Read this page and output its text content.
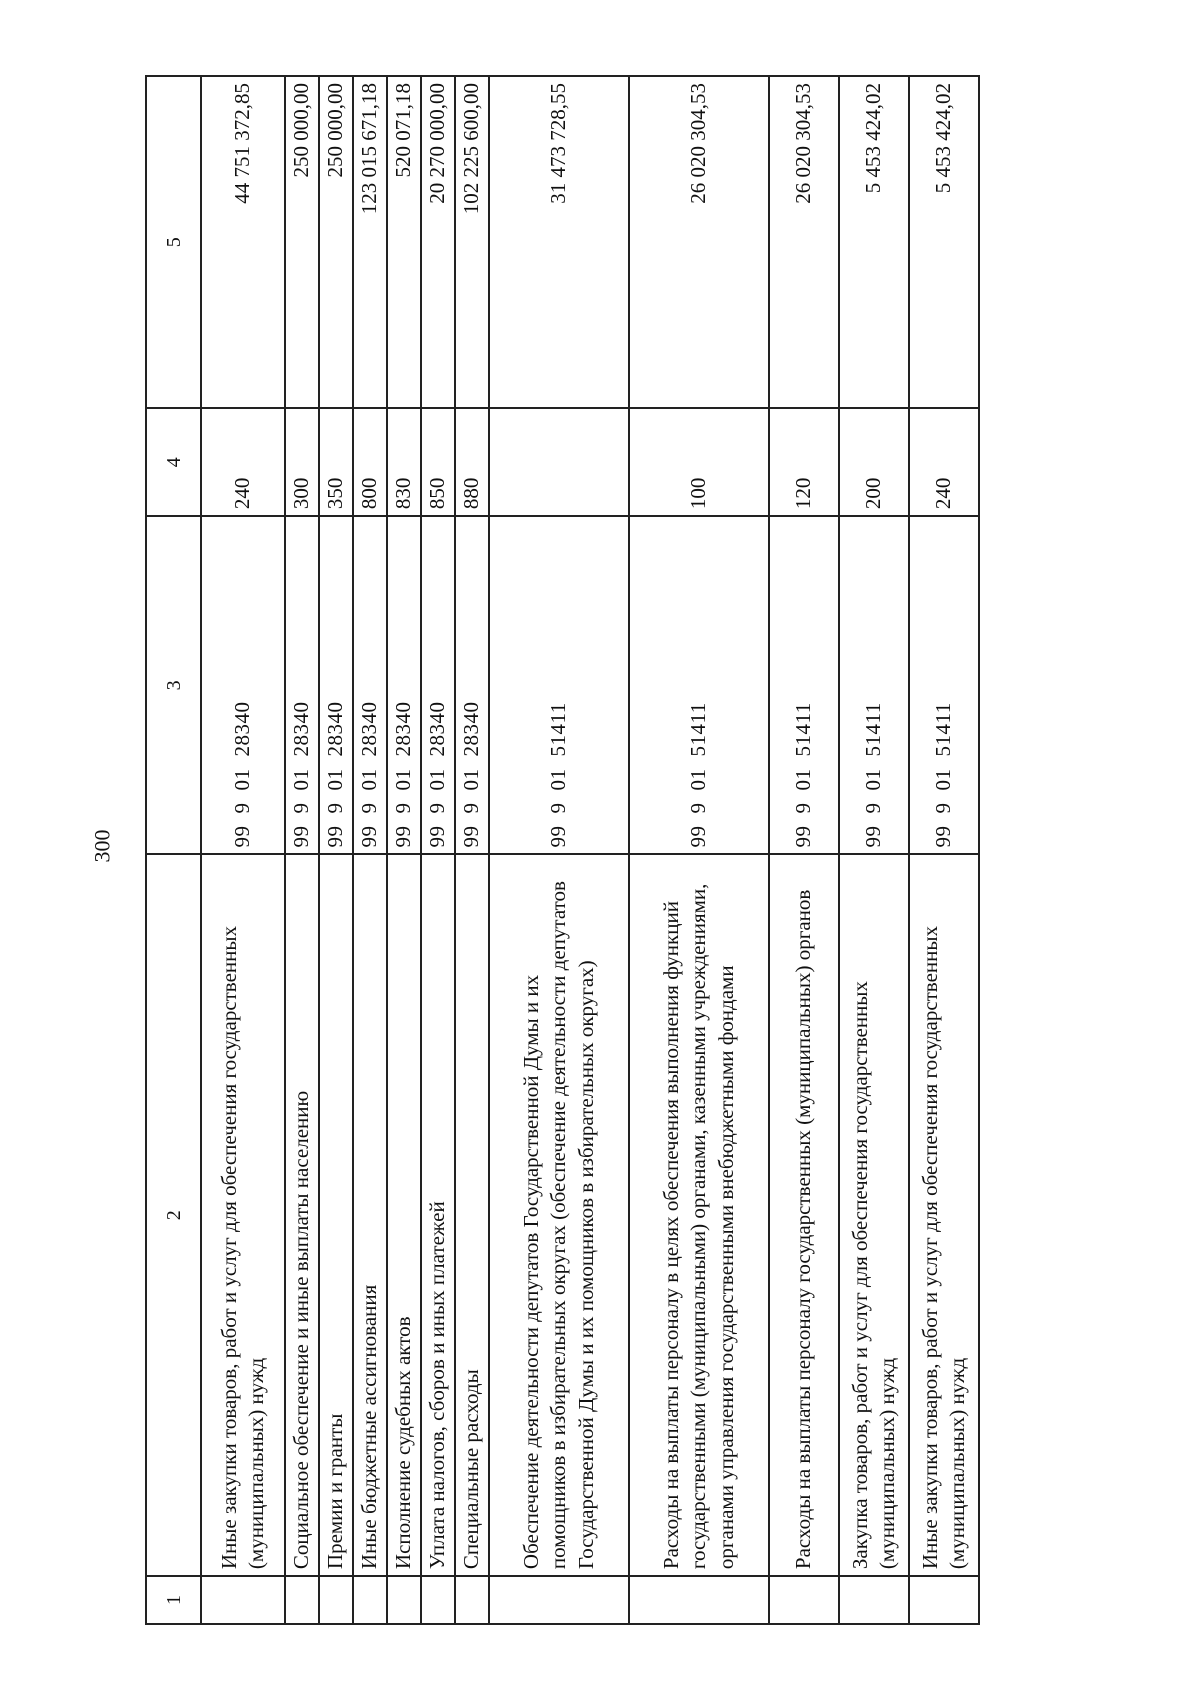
300
1	2	3	4	5
	Иные закупки товаров, работ и услуг для обеспечения государственных (муниципальных) нужд	9990128340	240	44 751 372,85
	Социальное обеспечение и иные выплаты населению	9990128340	300	250 000,00
	Премии и гранты	9990128340	350	250 000,00
	Иные бюджетные ассигнования	9990128340	800	123 015 671,18
	Исполнение судебных актов	9990128340	830	520 071,18
	Уплата налогов, сборов и иных платежей	9990128340	850	20 270 000,00
	Специальные расходы	9990128340	880	102 225 600,00
	Обеспечение деятельности депутатов Государственной Думы и их помощников в избирательных округах (обеспечение деятельности депутатов Государственной Думы и их помощников в избирательных округах)	9990151411		31 473 728,55
	Расходы на выплаты персоналу в целях обеспечения выполнения функций государственными (муниципальными) органами, казенными учреждениями, органами управления государственными внебюджетными фондами	9990151411	100	26 020 304,53
	Расходы на выплаты персоналу государственных (муниципальных) органов	9990151411	120	26 020 304,53
	Закупка товаров, работ и услуг для обеспечения государственных (муниципальных) нужд	9990151411	200	5 453 424,02
	Иные закупки товаров, работ и услуг для обеспечения государственных (муниципальных) нужд	9990151411	240	5 453 424,02
